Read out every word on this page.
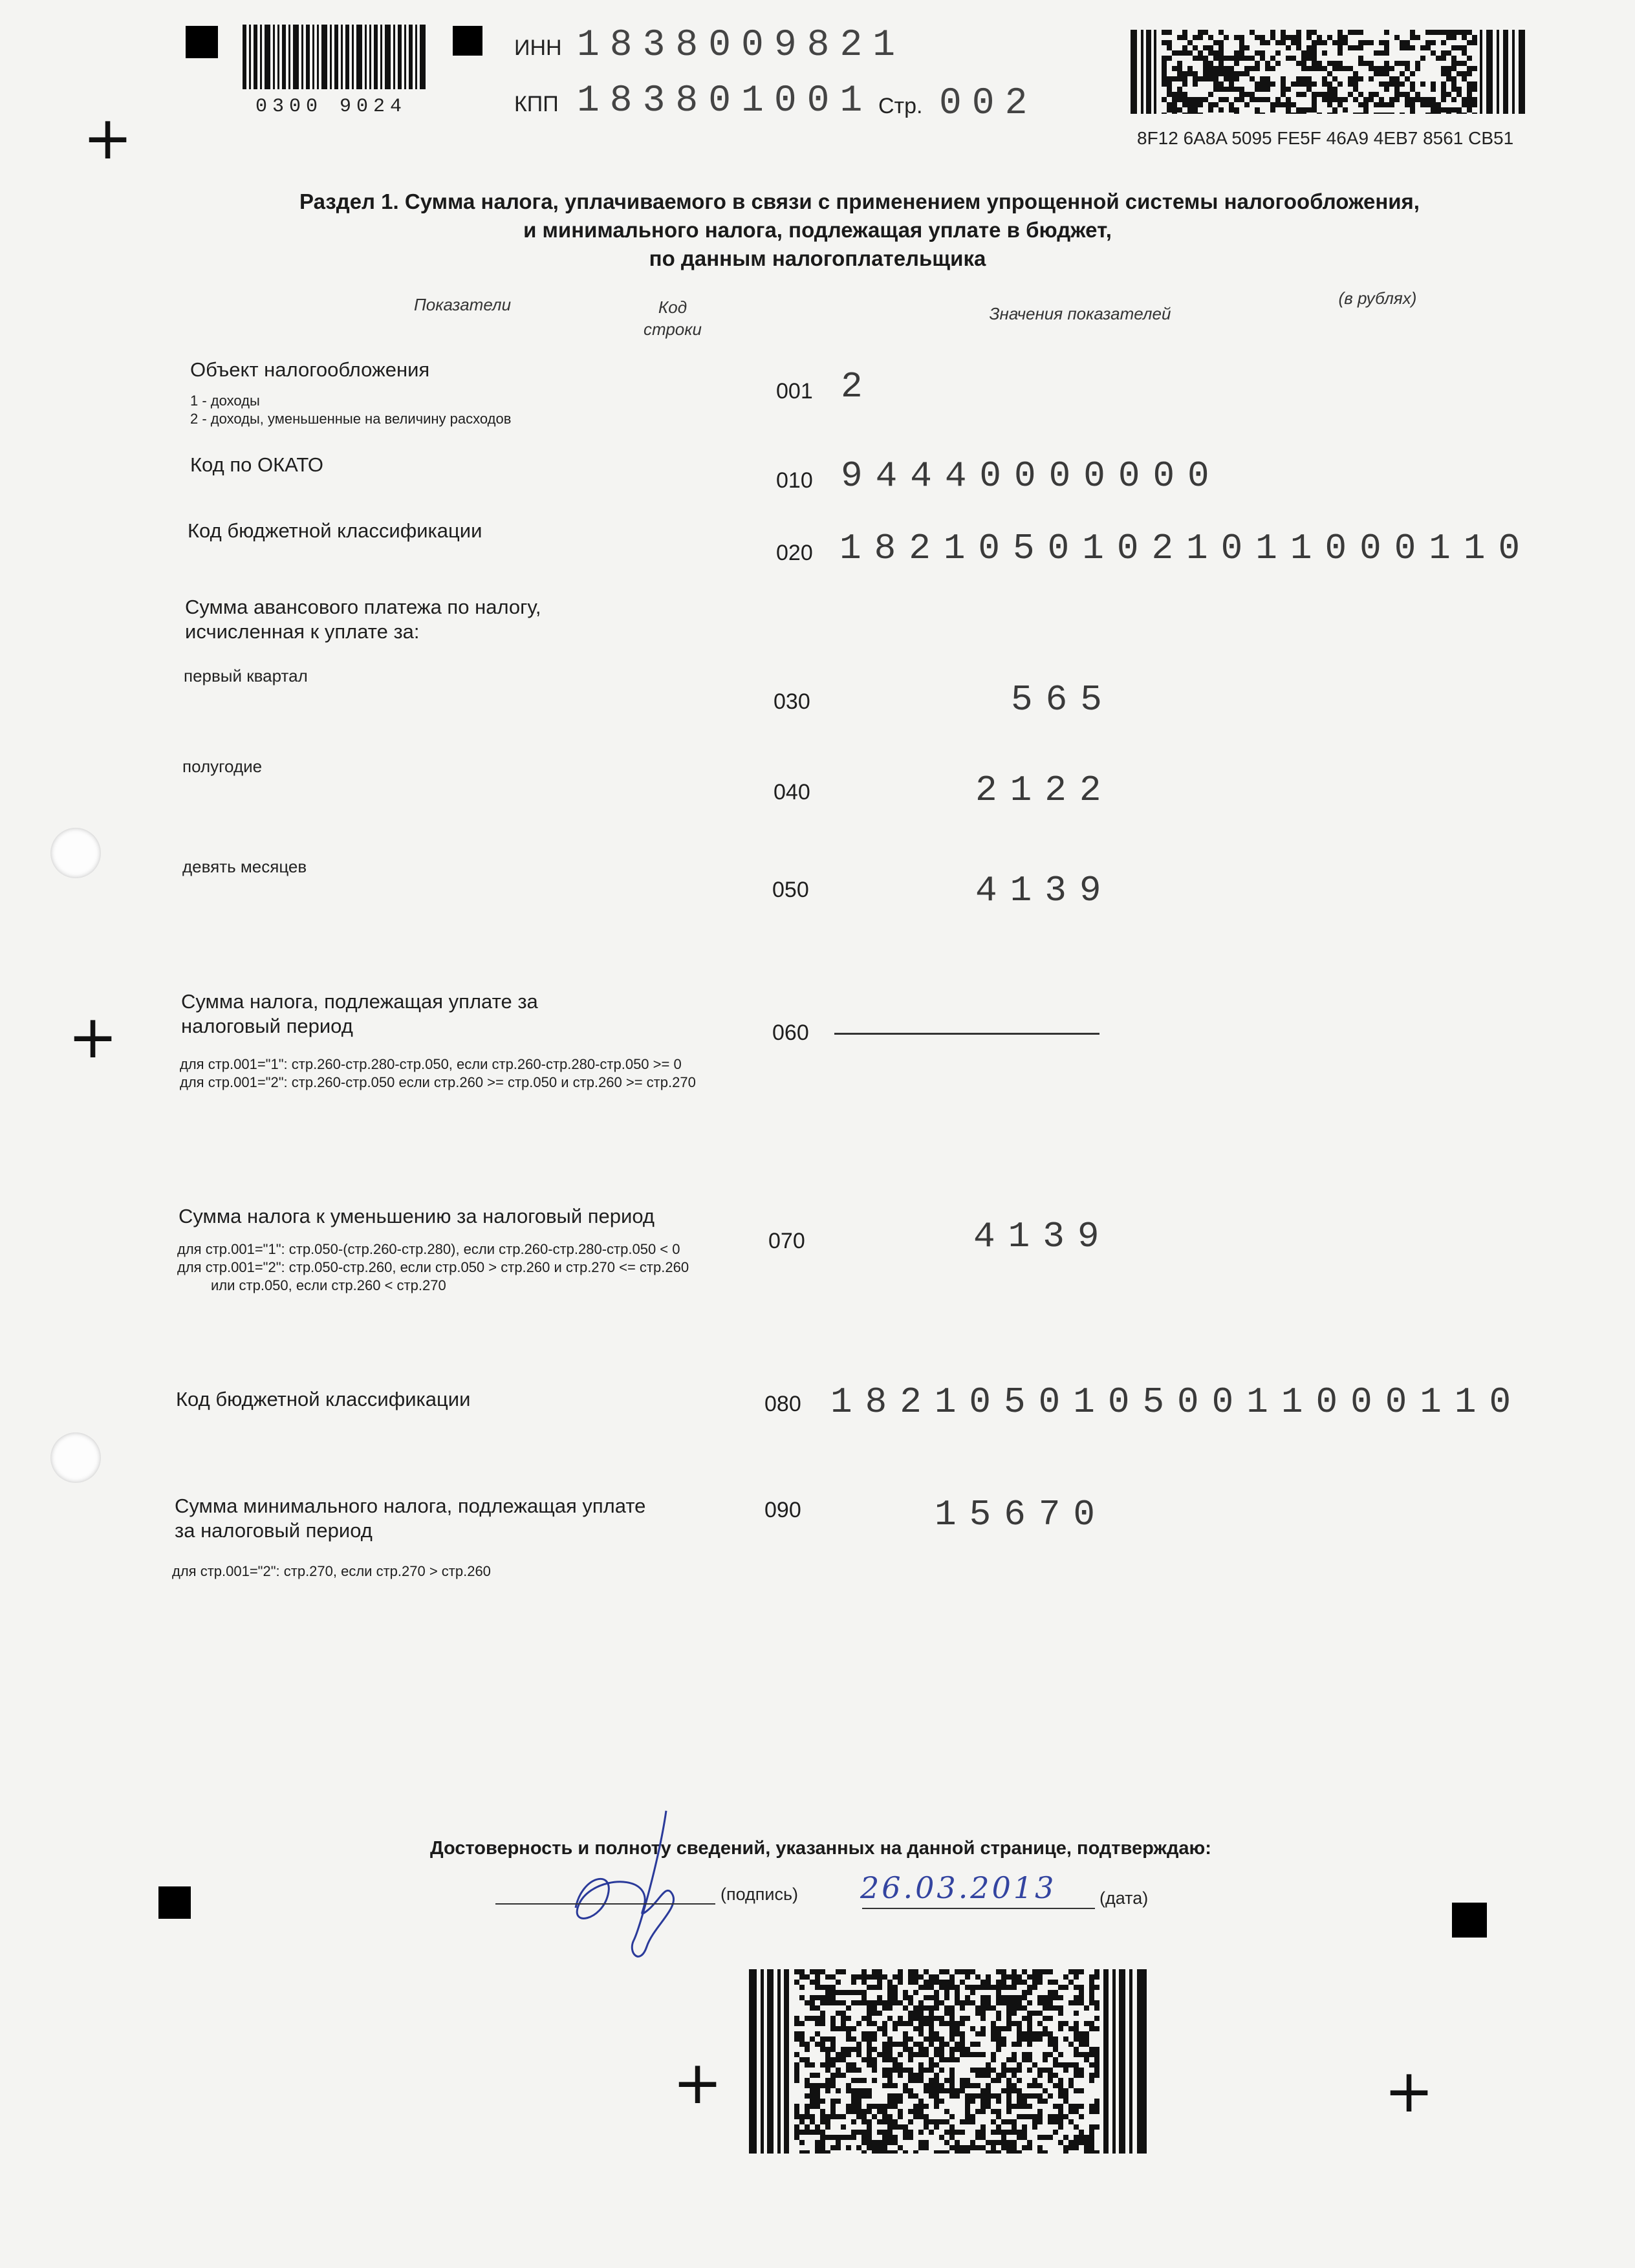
+
+
+	+
0300 9024
ИНН 1838009821
КПП 183801001 Стр. 002
8F12 6A8A 5095 FE5F 46A9 4EB7 8561 CB51
Раздел 1. Сумма налога, уплачиваемого в связи с применением упрощенной системы налогообложения,
и минимального налога, подлежащая уплате в бюджет,
по данным налогоплательщика
Показатели	Код
строки
Значения показателей
(в рублях)
Объект налогообложения
1 - доходы
2 - доходы, уменьшенные на величину расходов
001 2
Код по ОКАТО
010 94440000000
Код бюджетной классификации
020 18210501021011000110
Сумма авансового платежа по налогу,
исчисленная к уплате за:
первый квартал
030	565
полугодие
040	2122
девять месяцев
050	4139
Сумма налога, подлежащая уплате за
налоговый период
для стр.001="1": стр.260-стр.280-стр.050, если стр.260-стр.280-стр.050 >= 0
для стр.001="2": стр.260-стр.050 если стр.260 >= стр.050 и стр.260 >= стр.270
060
Сумма налога к уменьшению за налоговый период
для стр.001="1": стр.050-(стр.260-стр.280), если стр.260-стр.280-стр.050 < 0
для стр.001="2": стр.050-стр.260, если стр.050 > стр.260 и стр.270 <= стр.260
или стр.050, если стр.260 < стр.270
070	4139
Код бюджетной классификации	080 18210501050011000110
Сумма минимального налога, подлежащая уплате
за налоговый период
для стр.001="2": стр.270, если стр.270 > стр.260
090	15670
Достоверность и полноту сведений, указанных на данной странице, подтверждаю:
(подпись) 26.03.2013 (дата)
